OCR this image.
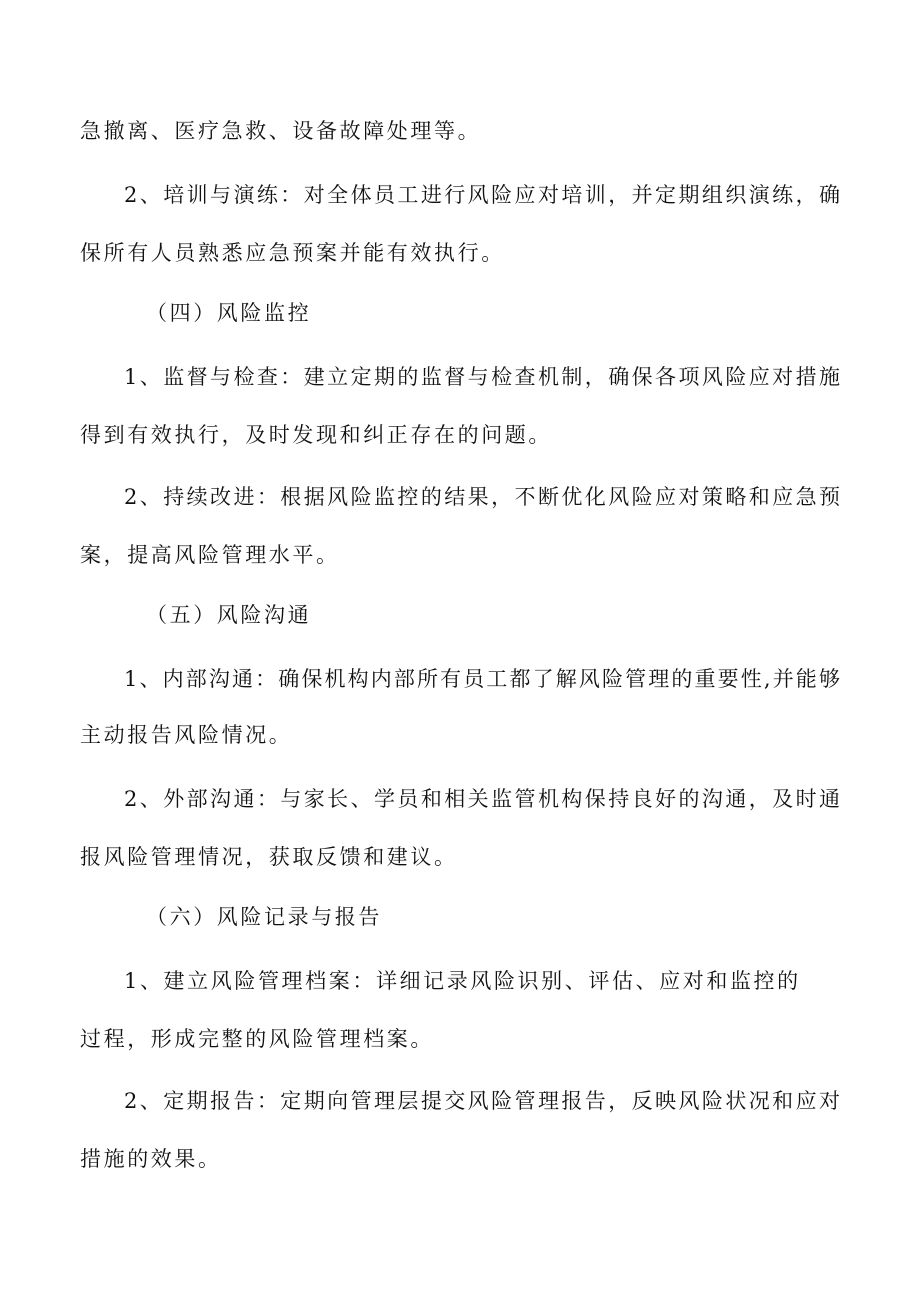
急撤离、医疗急救、设备故障处理等。
2、培训与演练：对全体员工进行风险应对培训，并定期组织演练，确
保所有人员熟悉应急预案并能有效执行。
（四）风险监控
1、监督与检查：建立定期的监督与检查机制，确保各项风险应对措施
得到有效执行，及时发现和纠正存在的问题。
2、持续改进：根据风险监控的结果，不断优化风险应对策略和应急预
案，提高风险管理水平。
（五）风险沟通
1、内部沟通：确保机构内部所有员工都了解风险管理的重要性,并能够
主动报告风险情况。
2、外部沟通：与家长、学员和相关监管机构保持良好的沟通，及时通
报风险管理情况，获取反馈和建议。
（六）风险记录与报告
1、建立风险管理档案：详细记录风险识别、评估、应对和监控的
过程，形成完整的风险管理档案。
2、定期报告：定期向管理层提交风险管理报告，反映风险状况和应对
措施的效果。
